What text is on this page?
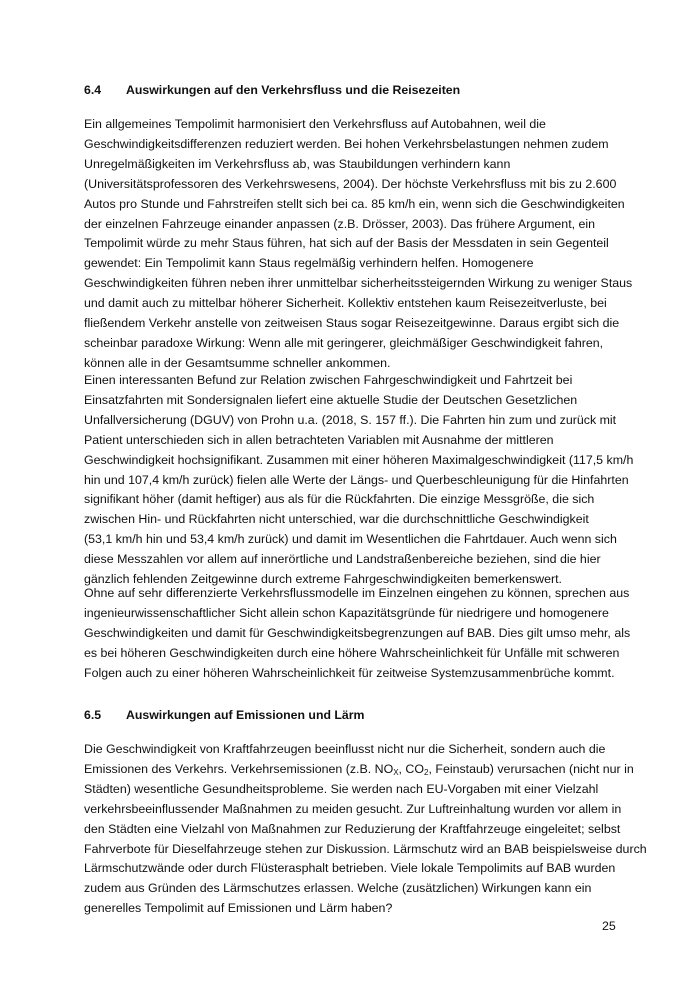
6.4 Auswirkungen auf den Verkehrsfluss und die Reisezeiten
Ein allgemeines Tempolimit harmonisiert den Verkehrsfluss auf Autobahnen, weil die
Geschwindigkeitsdifferenzen reduziert werden. Bei hohen Verkehrsbelastungen nehmen zudem
Unregelmäßigkeiten im Verkehrsfluss ab, was Staubildungen verhindern kann
(Universitätsprofessoren des Verkehrswesens, 2004). Der höchste Verkehrsfluss mit bis zu 2.600
Autos pro Stunde und Fahrstreifen stellt sich bei ca. 85 km/h ein, wenn sich die Geschwindigkeiten
der einzelnen Fahrzeuge einander anpassen (z.B. Drösser, 2003). Das frühere Argument, ein
Tempolimit würde zu mehr Staus führen, hat sich auf der Basis der Messdaten in sein Gegenteil
gewendet: Ein Tempolimit kann Staus regelmäßig verhindern helfen. Homogenere
Geschwindigkeiten führen neben ihrer unmittelbar sicherheitssteigernden Wirkung zu weniger Staus
und damit auch zu mittelbar höherer Sicherheit. Kollektiv entstehen kaum Reisezeitverluste, bei
fließendem Verkehr anstelle von zeitweisen Staus sogar Reisezeitgewinne. Daraus ergibt sich die
scheinbar paradoxe Wirkung: Wenn alle mit geringerer, gleichmäßiger Geschwindigkeit fahren,
können alle in der Gesamtsumme schneller ankommen.
Einen interessanten Befund zur Relation zwischen Fahrgeschwindigkeit und Fahrtzeit bei
Einsatzfahrten mit Sondersignalen liefert eine aktuelle Studie der Deutschen Gesetzlichen
Unfallversicherung (DGUV) von Prohn u.a. (2018, S. 157 ff.). Die Fahrten hin zum und zurück mit
Patient unterschieden sich in allen betrachteten Variablen mit Ausnahme der mittleren
Geschwindigkeit hochsignifikant. Zusammen mit einer höheren Maximalgeschwindigkeit (117,5 km/h
hin und 107,4 km/h zurück) fielen alle Werte der Längs- und Querbeschleunigung für die Hinfahrten
signifikant höher (damit heftiger) aus als für die Rückfahrten. Die einzige Messgröße, die sich
zwischen Hin- und Rückfahrten nicht unterschied, war die durchschnittliche Geschwindigkeit
(53,1 km/h hin und 53,4 km/h zurück) und damit im Wesentlichen die Fahrtdauer. Auch wenn sich
diese Messzahlen vor allem auf innerörtliche und Landstraßenbereiche beziehen, sind die hier
gänzlich fehlenden Zeitgewinne durch extreme Fahrgeschwindigkeiten bemerkenswert.
Ohne auf sehr differenzierte Verkehrsflussmodelle im Einzelnen eingehen zu können, sprechen aus
ingenieurwissenschaftlicher Sicht allein schon Kapazitätsgründe für niedrigere und homogenere
Geschwindigkeiten und damit für Geschwindigkeitsbegrenzungen auf BAB. Dies gilt umso mehr, als
es bei höheren Geschwindigkeiten durch eine höhere Wahrscheinlichkeit für Unfälle mit schweren
Folgen auch zu einer höheren Wahrscheinlichkeit für zeitweise Systemzusammenbrüche kommt.
6.5 Auswirkungen auf Emissionen und Lärm
Die Geschwindigkeit von Kraftfahrzeugen beeinflusst nicht nur die Sicherheit, sondern auch die
Emissionen des Verkehrs. Verkehrsemissionen (z.B. $NO_X$, $CO_2$, Feinstaub) verursachen (nicht nur in
Städten) wesentliche Gesundheitsprobleme. Sie werden nach EU-Vorgaben mit einer Vielzahl
verkehrsbeeinflussender Maßnahmen zu meiden gesucht. Zur Luftreinhaltung wurden vor allem in
den Städten eine Vielzahl von Maßnahmen zur Reduzierung der Kraftfahrzeuge eingeleitet; selbst
Fahrverbote für Dieselfahrzeuge stehen zur Diskussion. Lärmschutz wird an BAB beispielsweise durch
Lärmschutzwände oder durch Flüsterasphalt betrieben. Viele lokale Tempolimits auf BAB wurden
zudem aus Gründen des Lärmschutzes erlassen. Welche (zusätzlichen) Wirkungen kann ein
generelles Tempolimit auf Emissionen und Lärm haben?
25
